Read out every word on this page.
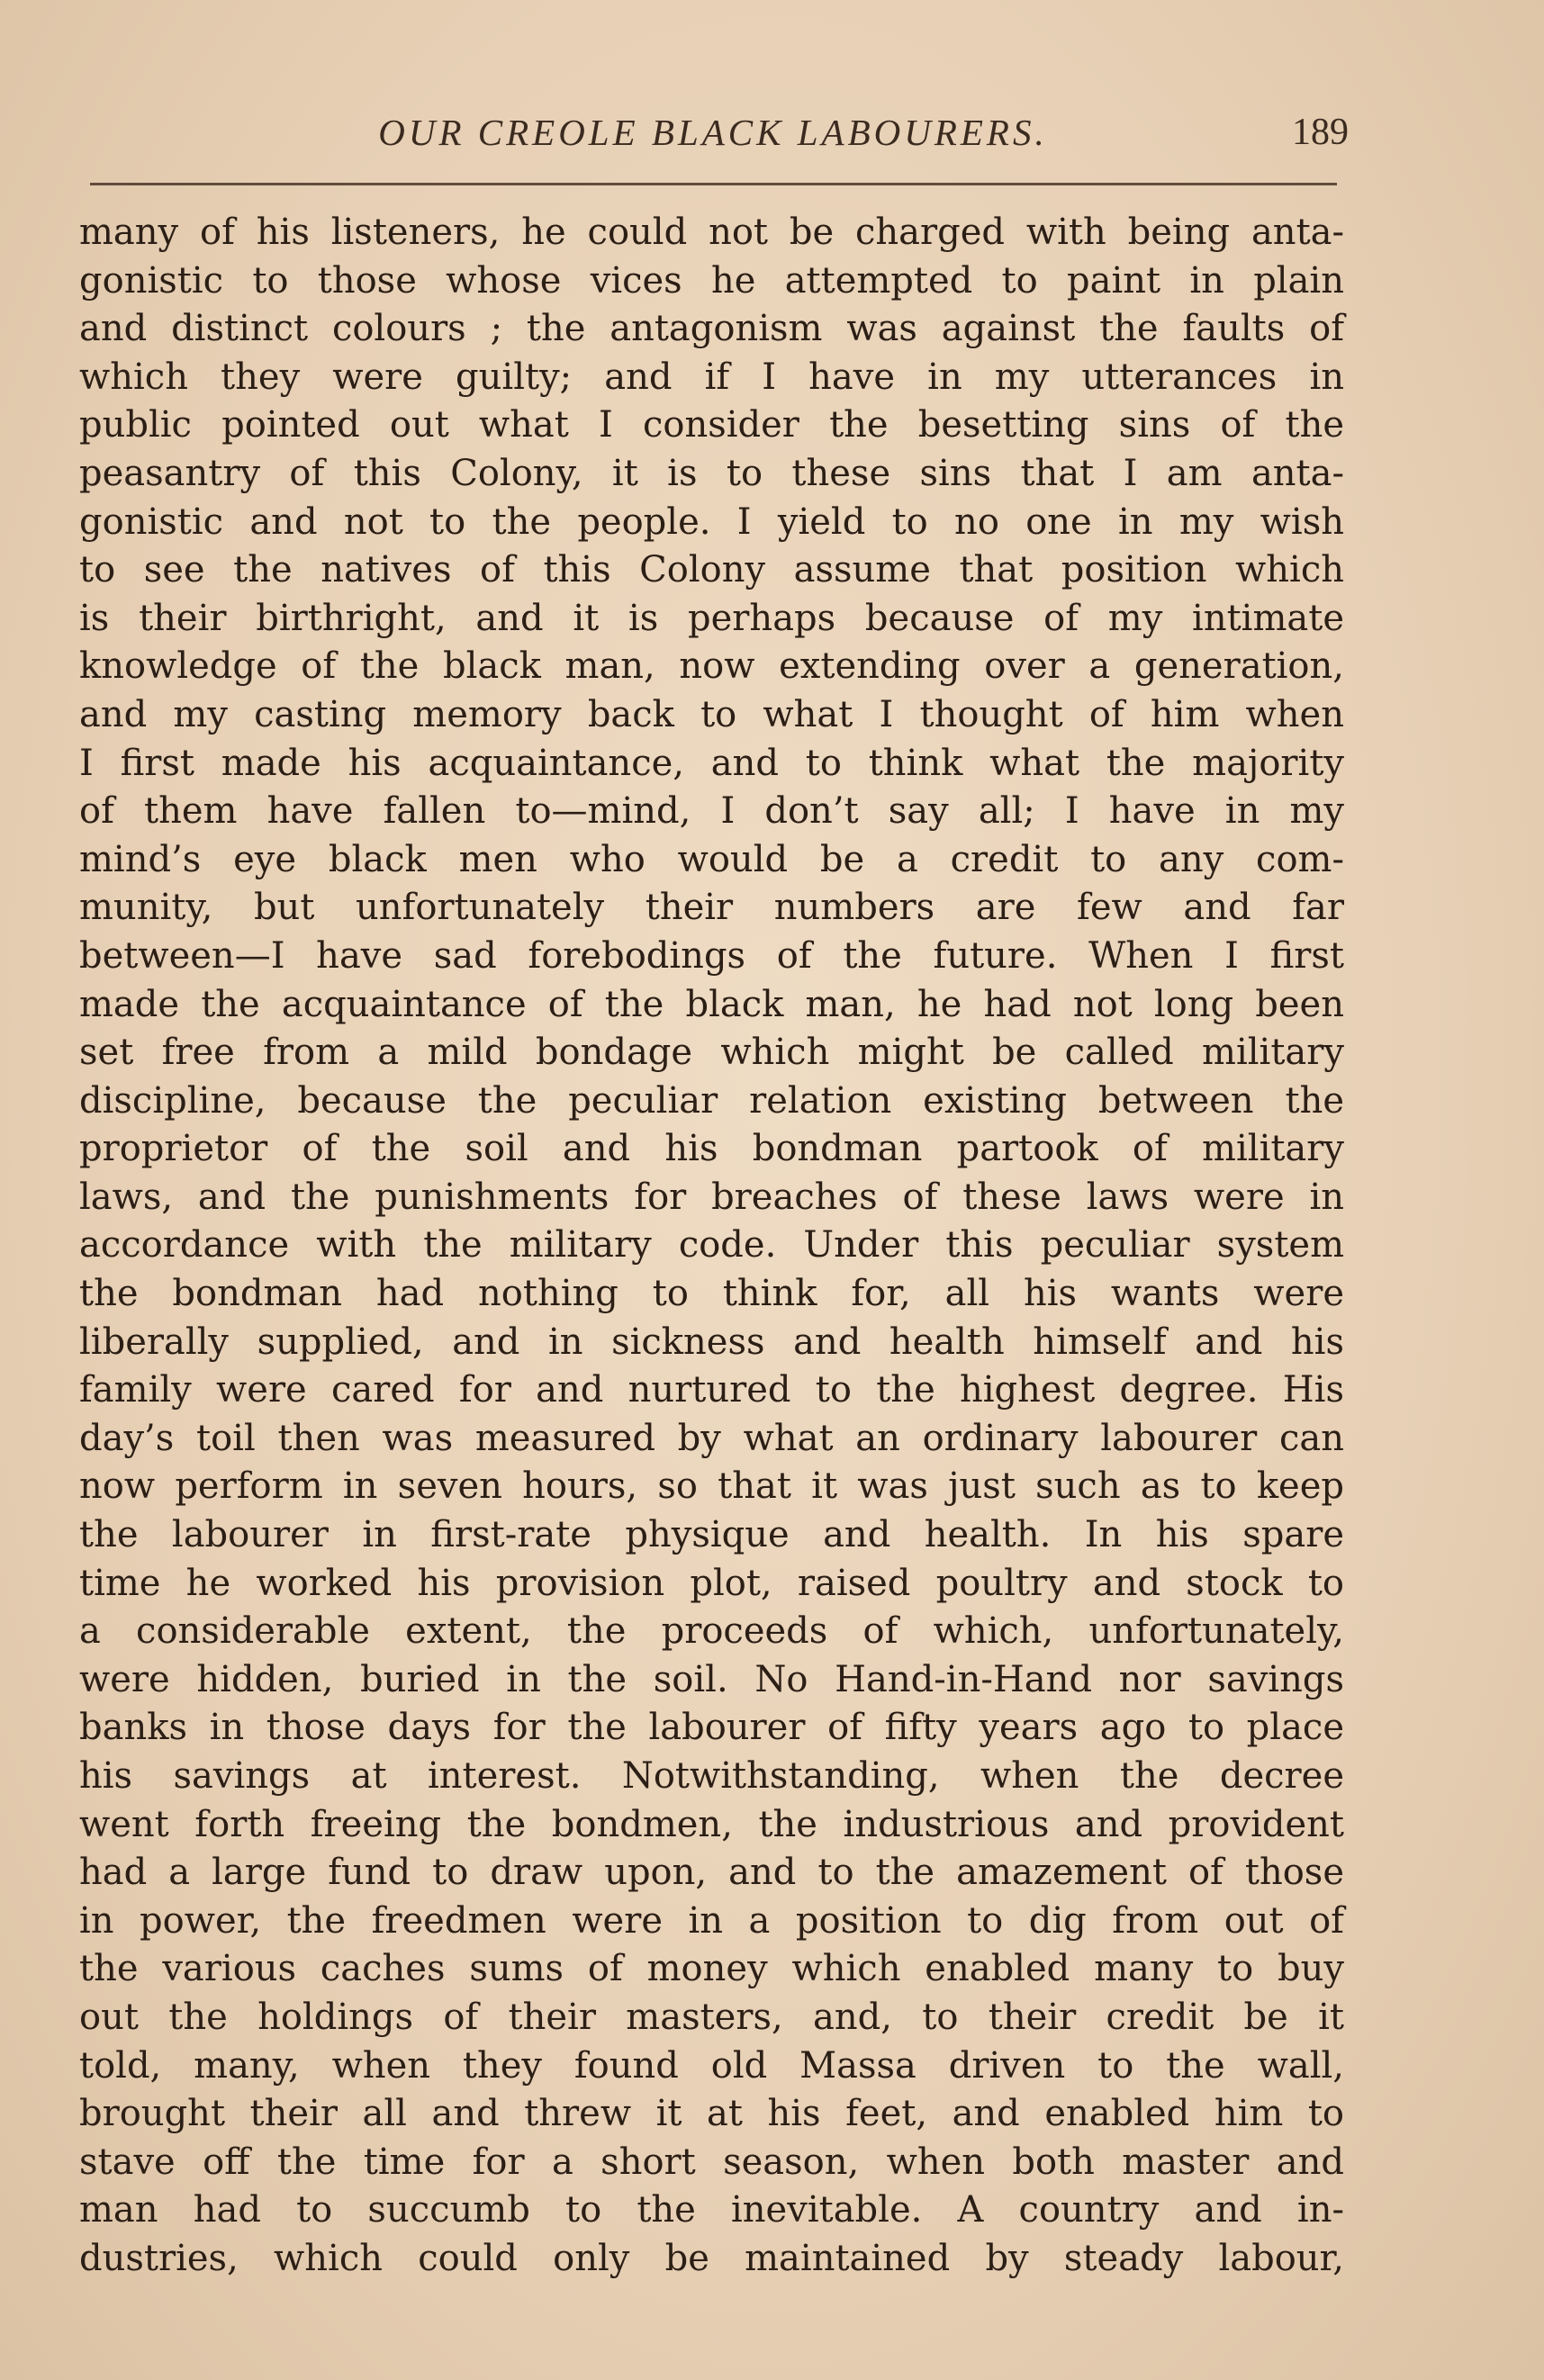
OUR CREOLE BLACK LABOURERS.	189
many of his listeners, he could not be charged with being anta-
gonistic to those whose vices he attempted to paint in plain
and distinct colours ; the antagonism was against the faults of
which they were guilty; and if I have in my utterances in
public pointed out what I consider the besetting sins of the
peasantry of this Colony, it is to these sins that I am anta-
gonistic and not to the people. I yield to no one in my wish
to see the natives of this Colony assume that position which
is their birthright, and it is perhaps because of my intimate
knowledge of the black man, now extending over a generation,
and my casting memory back to what I thought of him when
I first made his acquaintance, and to think what the majority
of them have fallen to—mind, I don’t say all; I have in my
mind’s eye black men who would be a credit to any com-
munity, but unfortunately their numbers are few and far
between—I have sad forebodings of the future. When I first
made the acquaintance of the black man, he had not long been
set free from a mild bondage which might be called military
discipline, because the peculiar relation existing between the
proprietor of the soil and his bondman partook of military
laws, and the punishments for breaches of these laws were in
accordance with the military code. Under this peculiar system
the bondman had nothing to think for, all his wants were
liberally supplied, and in sickness and health himself and his
family were cared for and nurtured to the highest degree. His
day’s toil then was measured by what an ordinary labourer can
now perform in seven hours, so that it was just such as to keep
the labourer in first-rate physique and health. In his spare
time he worked his provision plot, raised poultry and stock to
a considerable extent, the proceeds of which, unfortunately,
were hidden, buried in the soil. No Hand-in-Hand nor savings
banks in those days for the labourer of fifty years ago to place
his savings at interest. Notwithstanding, when the decree
went forth freeing the bondmen, the industrious and provident
had a large fund to draw upon, and to the amazement of those
in power, the freedmen were in a position to dig from out of
the various caches sums of money which enabled many to buy
out the holdings of their masters, and, to their credit be it
told, many, when they found old Massa driven to the wall,
brought their all and threw it at his feet, and enabled him to
stave off the time for a short season, when both master and
man had to succumb to the inevitable. A country and in-
dustries, which could only be maintained by steady labour,
